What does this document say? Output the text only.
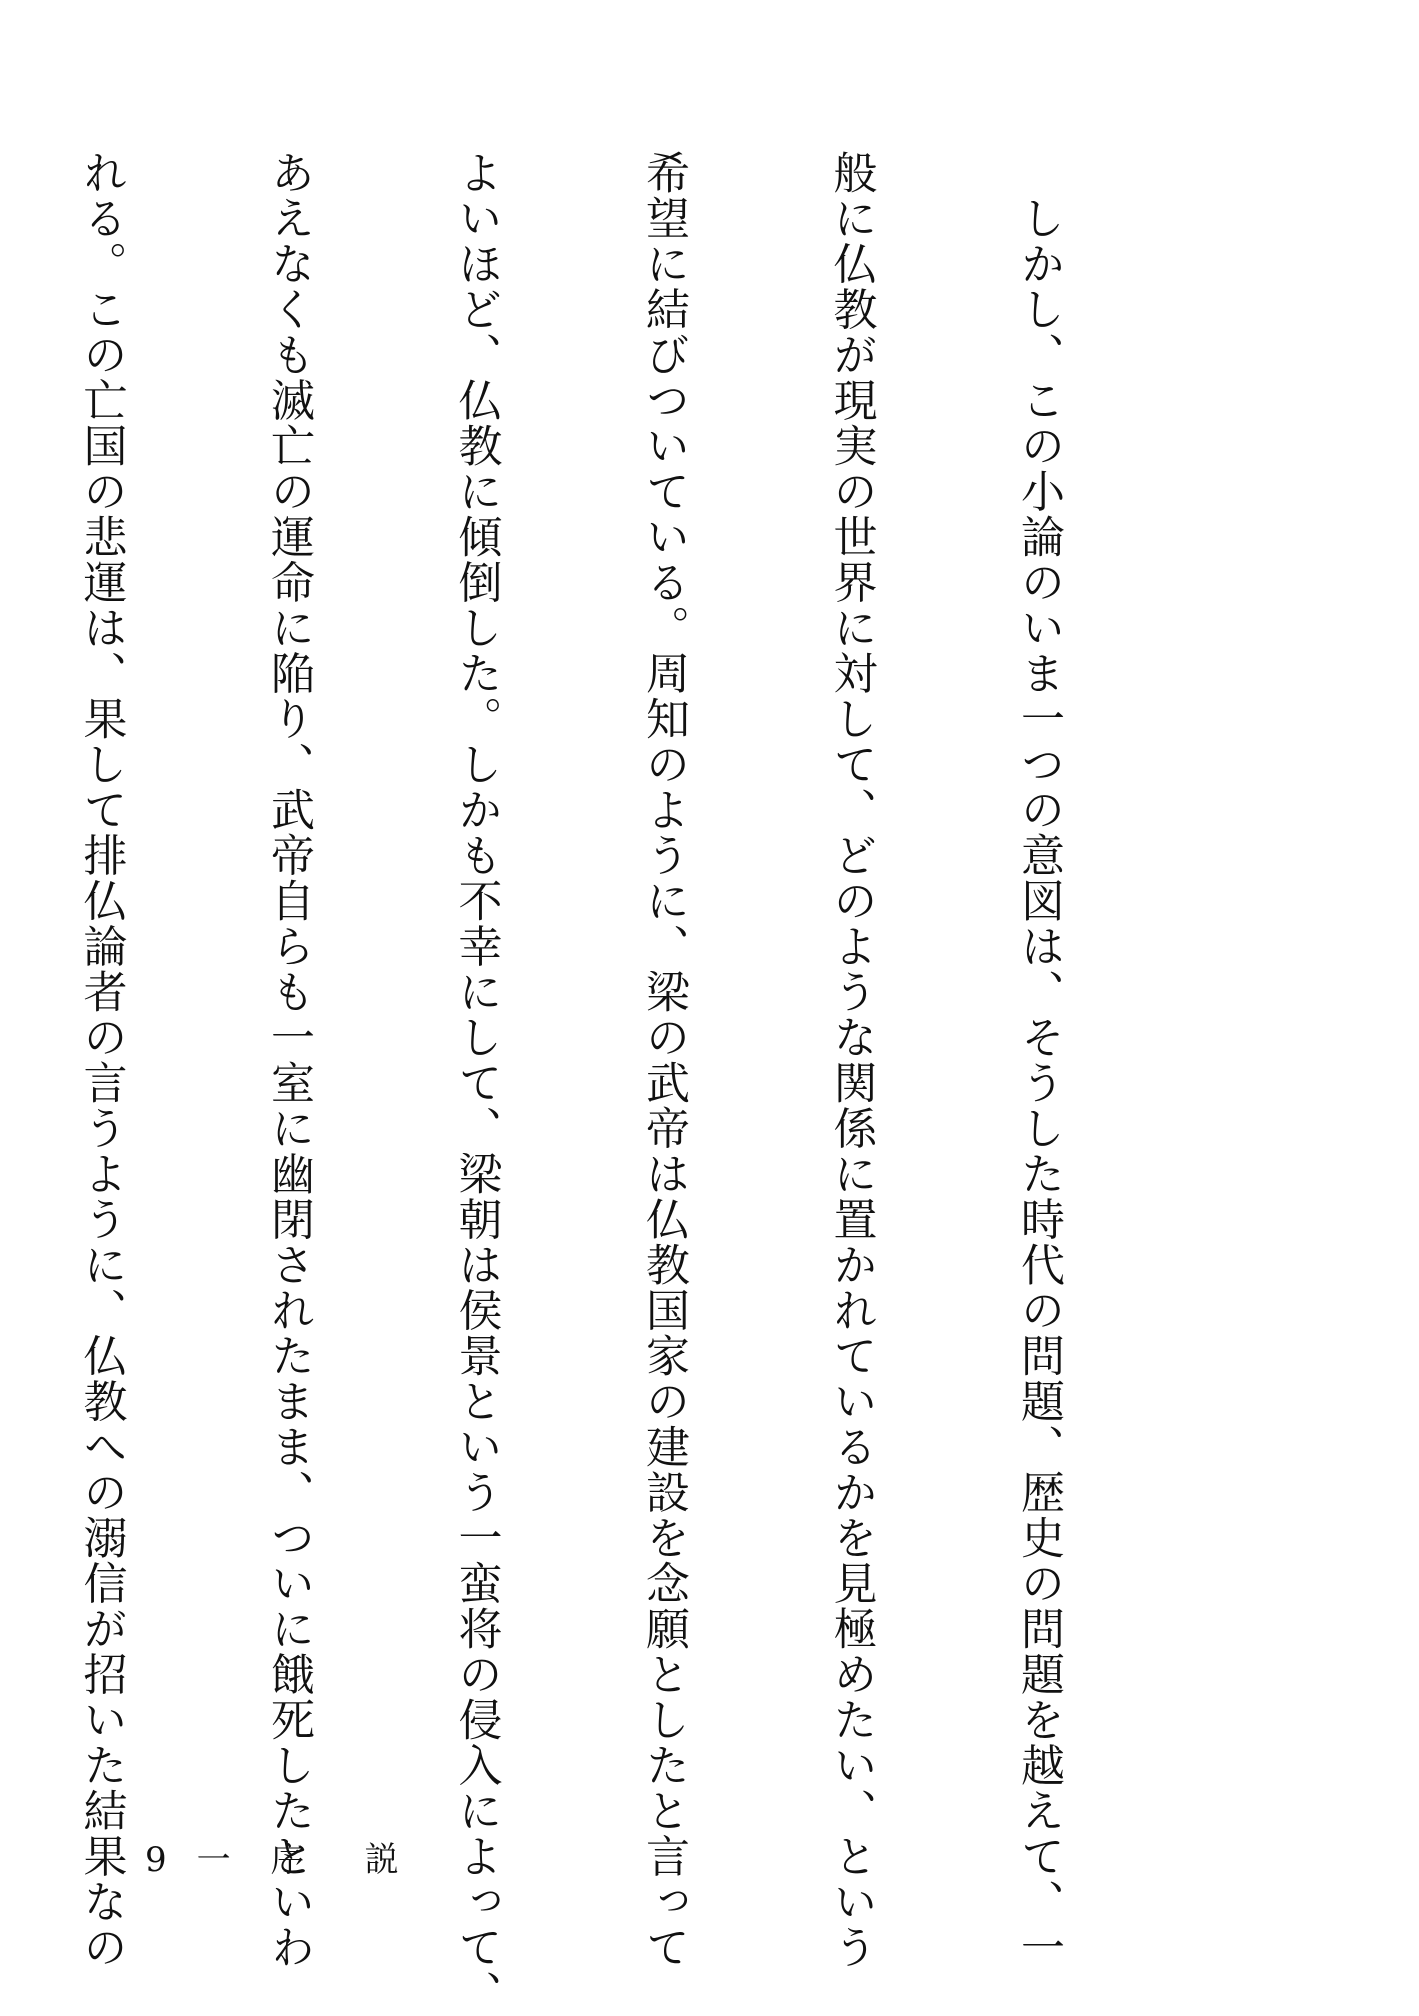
　しかし、この小論のいま一つの意図は、そうした時代の問題、歴史の問題を越えて、一

般に仏教が現実の世界に対して、どのような関係に置かれているかを見極めたい、という

希望に結びついている。周知のように、梁の武帝は仏教国家の建設を念願としたと言って

よいほど、仏教に傾倒した。しかも不幸にして、梁朝は侯景という一蛮将の侵入によって、

あえなくも滅亡の運命に陥り、武帝自らも一室に幽閉されたまま、ついに餓死したといわ

れる。この亡国の悲運は、果して排仏論者の言うように、仏教への溺信が招いた結果なの

9 一 序説
